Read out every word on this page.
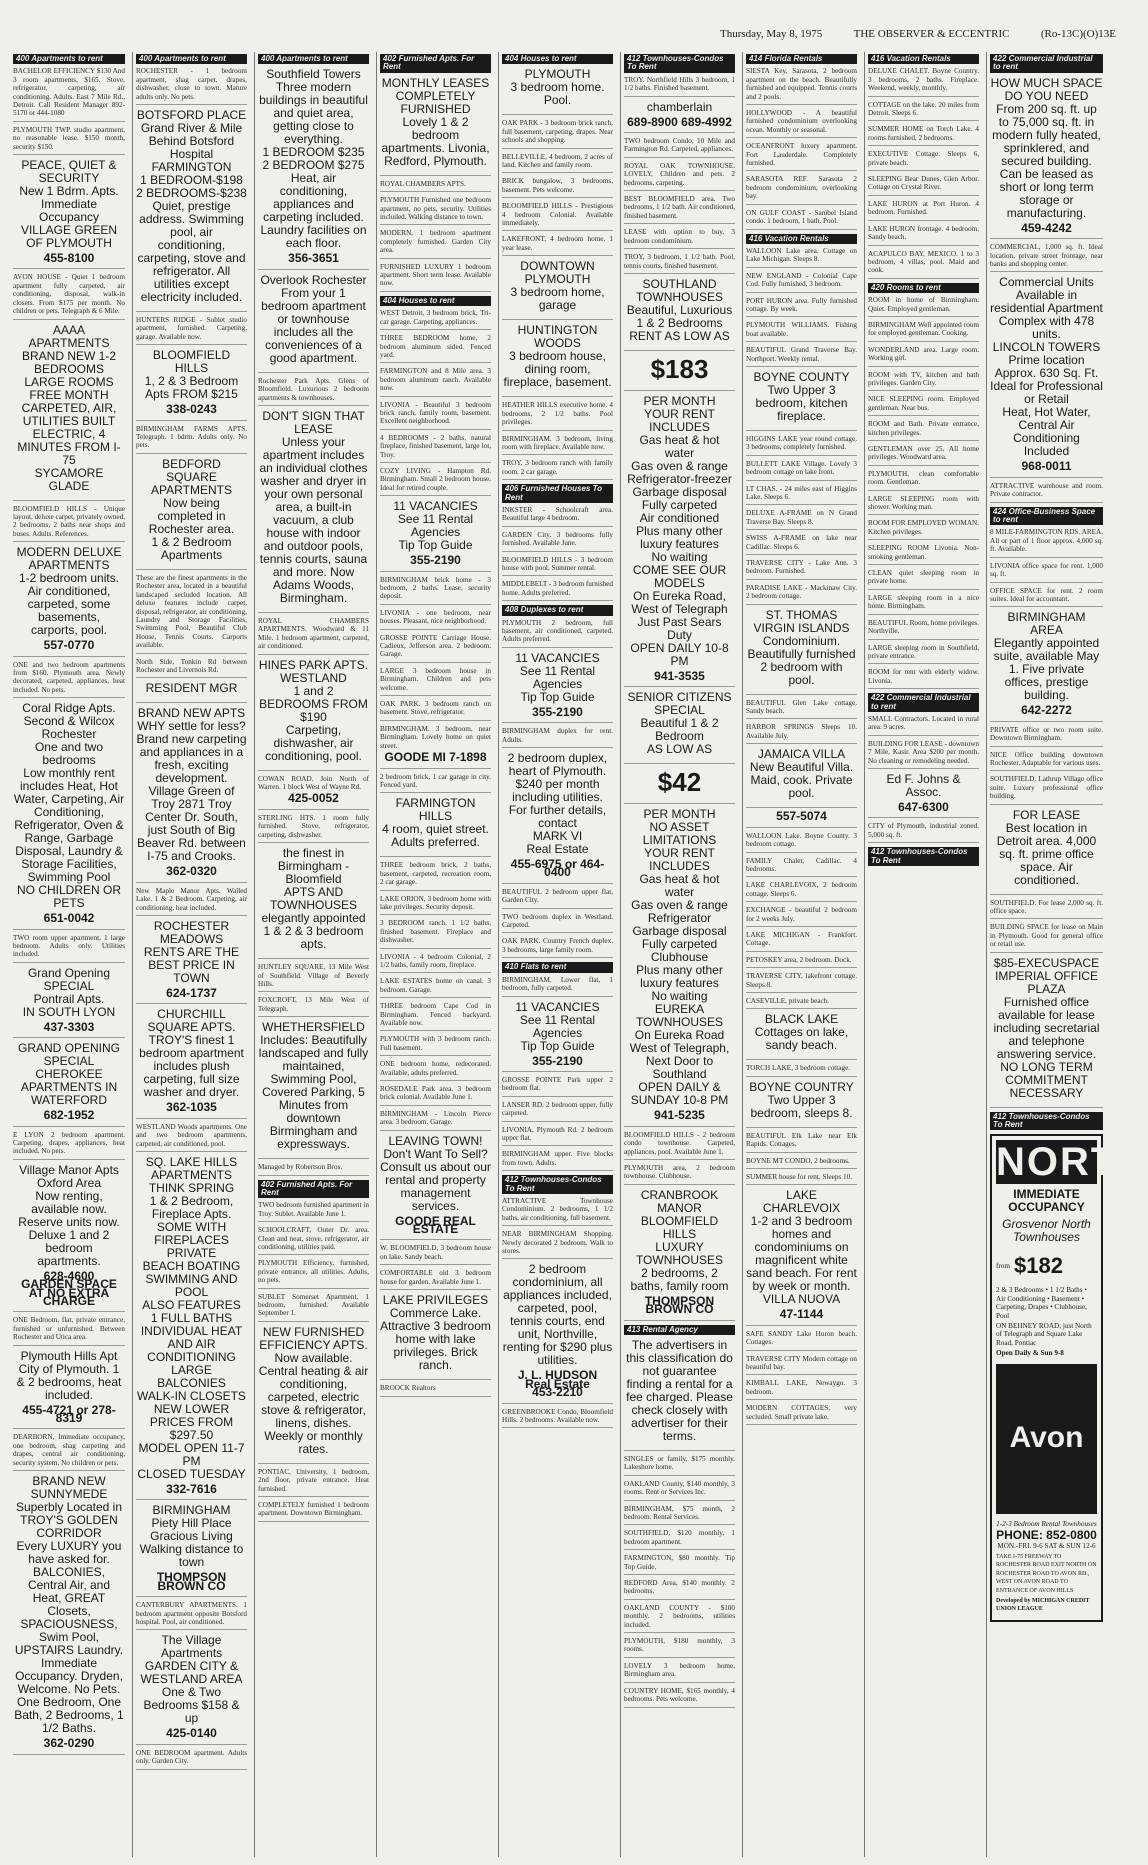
Thursday, May 8, 1975	THE OBSERVER & ECCENTRIC	(Ro-13C)(O)13E
400 Apartments to rent

BACHELOR EFFICIENCY $130 And 3 room apartments, $165. Stove, refrigerator, carpeting, air conditioning. Adults. East 7 Mile Rd., Detroit. Call Resident Manager 892-5170 or 444-1080

PLYMOUTH TWP. studio apartment, no reasonable lease. $150 month, security $150.

PEACE, QUIET & SECURITY
New 1 Bdrm. Apts.
Immediate Occupancy
VILLAGE GREEN OF PLYMOUTH
455-8100

AVON HOUSE - Quiet 1 bedroom apartment fully carpeted, air conditioning, disposal, walk-in closets. From $175 per month. No children or pets. Telegraph & 6 Mile.

AAAA APARTMENTS BRAND NEW 1-2 BEDROOMS LARGE ROOMS
FREE MONTH
CARPETED, AIR, UTILITIES BUILT ELECTRIC, 4 MINUTES FROM I-75
SYCAMORE GLADE

BLOOMFIELD HILLS - Unique layout, deluxe carpet, privately owned, 2 bedrooms, 2 baths near shops and buses. Adults. References.

MODERN DELUXE APARTMENTS
1-2 bedroom units. Air conditioned, carpeted, some basements, carports, pool.
557-0770

ONE and two bedroom apartments from $160. Plymouth area. Newly decorated, carpeted, appliances, heat included. No pets.

Coral Ridge Apts.
Second & Wilcox Rochester
One and two bedrooms
Low monthly rent includes Heat, Hot Water, Carpeting, Air Conditioning, Refrigerator, Oven & Range, Garbage Disposal, Laundry & Storage Facilities, Swimming Pool
NO CHILDREN OR PETS
651-0042

TWO room upper apartment, 1 large bedroom. Adults only. Utilities included.

Grand Opening SPECIAL
Pontrail Apts.
IN SOUTH LYON
437-3303
GRAND OPENING SPECIAL
CHEROKEE APARTMENTS IN WATERFORD
682-1952

E LYON 2 bedroom apartment. Carpeting, drapes, appliances, heat included. No pets.

Village Manor Apts
Oxford Area
Now renting, available now. Reserve units now. Deluxe 1 and 2 bedroom apartments.
628-4600
GARDEN SPACE AT NO EXTRA CHARGE

ONE Bedroom, flat, private entrance, furnished or unfurnished. Between Rochester and Utica area.

Plymouth Hills Apt
City of Plymouth. 1 & 2 bedrooms, heat included.
455-4721 or 278-8319

DEARBORN, Immediate occupancy, one bedroom, shag carpeting and drapes, central air conditioning, security system. No children or pets.

BRAND NEW
SUNNYMEDE
Superbly Located in
TROY'S GOLDEN CORRIDOR
Every LUXURY you have asked for. BALCONIES, Central Air, and Heat, GREAT Closets, SPACIOUSNESS, Swim Pool, UPSTAIRS Laundry.
Immediate Occupancy. Dryden, Welcome. No Pets. One Bedroom, One Bath, 2 Bedrooms, 1 1/2 Baths.
362-0290
400 Apartments to rent

ROCHESTER - 1 bedroom apartment, shag carpet, drapes, dishwasher, close to town. Mature adults only. No pets.

BOTSFORD PLACE
Grand River & Mile
Behind Botsford Hospital
FARMINGTON
1 BEDROOM-$198
2 BEDROOMS-$238
Quiet, prestige address. Swimming pool, air conditioning, carpeting, stove and refrigerator. All utilities except electricity included.

HUNTERS RIDGE - Sublet studio apartment, furnished. Carpeting, garage. Available now.

BLOOMFIELD HILLS
1, 2 & 3 Bedroom Apts FROM $215
338-0243

BIRMINGHAM FARMS APTS. Telegraph. 1 bdrm. Adults only. No pets.

BEDFORD SQUARE
APARTMENTS
Now being completed in Rochester area.
1 & 2 Bedroom Apartments

These are the finest apartments in the Rochester area, located in a beautiful landscaped secluded location. All deluxe features include carpet, disposal, refrigerator, air conditioning, Laundry and Storage Facilities, Swimming Pool, Beautiful Club House, Tennis Courts. Carports available.

North Side, Tonkin Rd between Rochester and Livernois Rd.

RESIDENT MGR
BRAND NEW APTS
WHY settle for less? Brand new carpeting and appliances in a fresh, exciting development. Village Green of Troy 2871 Troy Center Dr. South, just South of Big Beaver Rd. between I-75 and Crooks.
362-0320

New Maple Manor Apts. Walled Lake. 1 & 2 Bedroom. Carpeting, air conditioning, heat included.

ROCHESTER MEADOWS
RENTS ARE THE BEST PRICE IN TOWN
624-1737
CHURCHILL SQUARE APTS.
TROY'S finest 1 bedroom apartment includes plush carpeting, full size washer and dryer.
362-1035

WESTLAND Woods apartments. One and two bedroom apartments, carpeted, air conditioned, pool.

SQ. LAKE HILLS APARTMENTS
THINK SPRING
1 & 2 Bedroom, Fireplace Apts. SOME WITH FIREPLACES PRIVATE
BEACH BOATING SWIMMING AND POOL
ALSO FEATURES
1 FULL BATHS
INDIVIDUAL HEAT AND AIR CONDITIONING
LARGE BALCONIES
WALK-IN CLOSETS
NEW LOWER PRICES FROM $297.50
MODEL OPEN 11-7 PM
CLOSED TUESDAY
332-7616
BIRMINGHAM
Piety Hill Place
Gracious Living
Walking distance to town
THOMPSON BROWN CO

CANTERBURY APARTMENTS. 1 bedroom apartment opposite Botsford hospital. Pool, air conditioned.

The Village Apartments
GARDEN CITY & WESTLAND AREA
One & Two Bedrooms $158 & up
425-0140

ONE BEDROOM apartment. Adults only. Garden City.

400 Apartments to rent
Southfield Towers
Three modern buildings in beautiful and quiet area, getting close to everything.
1 BEDROOM $235
2 BEDROOM $275
Heat, air conditioning, appliances and carpeting included. Laundry facilities on each floor.
356-3651
Overlook Rochester
From your 1 bedroom apartment or townhouse includes all the conveniences of a good apartment.

Rochester Park Apts. Glens of Bloomfield. Luxurious 2 bedroom apartments & townhouses.

DON'T SIGN THAT LEASE
Unless your apartment includes an individual clothes washer and dryer in your own personal area, a built-in vacuum, a club house with indoor and outdoor pools, tennis courts, sauna and more. Now Adams Woods, Birmingham.

ROYAL CHAMBERS APARTMENTS. Woodward & 11 Mile. 1 bedroom apartment, carpeted, air conditioned.

HINES PARK APTS.
WESTLAND
1 and 2 BEDROOMS FROM $190
Carpeting, dishwasher, air conditioning, pool.

COWAN ROAD. Join North of Warren. 1 block West of Wayne Rd.

425-0052

STERLING HTS. 1 room fully furnished. Stove, refrigerator, carpeting, dishwasher.

the finest in
Birmingham - Bloomfield
APTS AND TOWNHOUSES
elegantly appointed
1 & 2 & 3 bedroom apts.

HUNTLEY SQUARE, 13 Mile West of Southfield. Village of Beverly Hills.

FOXCROFT, 13 Mile West of Telegraph.

WHETHERSFIELD
Includes: Beautifully landscaped and fully maintained, Swimming Pool, Covered Parking, 5 Minutes from downtown Birmingham and expressways.

Managed by Robertson Bros.

402 Furnished Apts. For Rent

TWO bedroom furnished apartment in Troy. Sublet. Available June 1.

SCHOOLCRAFT, Outer Dr. area. Clean and neat, stove, refrigerator, air conditioning, utilities paid.

PLYMOUTH Efficiency, furnished, private entrance, all utilities. Adults, no pets.

SUBLET Somerset Apartment, 1 bedroom, furnished. Available September 1.

NEW FURNISHED EFFICIENCY APTS.
Now available. Central heating & air conditioning, carpeted, electric stove & refrigerator, linens, dishes. Weekly or monthly rates.

PONTIAC, University, 1 bedroom, 2nd floor, private entrance. Heat furnished.

COMPLETELY furnished 1 bedroom apartment. Downtown Birmingham.

402 Furnished Apts. For Rent
MONTHLY LEASES
COMPLETELY FURNISHED
Lovely 1 & 2 bedroom apartments. Livonia, Redford, Plymouth.

ROYAL CHAMBERS APTS.

PLYMOUTH Furnished one bedroom apartment, no pets, security. Utilities included. Walking distance to town.

MODERN, 1 bedroom apartment completely furnished. Garden City area.

FURNISHED LUXURY 1 bedroom apartment. Short term lease. Available now.

404 Houses to rent

WEST Detroit, 3 bedroom brick, Tri-car garage. Carpeting, appliances.

THREE BEDROOM home, 2 bedroom aluminum sided. Fenced yard.

FARMINGTON and 8 Mile area. 3 bedroom aluminum ranch. Available now.

LIVONIA - Beautiful 3 bedroom brick ranch, family room, basement. Excellent neighborhood.

4 BEDROOMS - 2 baths, natural fireplace, finished basement, large lot, Troy.

COZY LIVING - Hampton Rd. Birmingham. Small 2 bedroom house. Ideal for retired couple.

11 VACANCIES
See 11 Rental Agencies
Tip Top Guide
355-2190

BIRMINGHAM brick home - 3 bedroom, 2 baths. Lease, security deposit.

LIVONIA - one bedroom, near houses. Pleasant, nice neighborhood.

GROSSE POINTE Carriage House. Cadieux, Jefferson area. 2 bedroom. Garage.

LARGE 3 bedroom house in Birmingham. Children and pets welcome.

OAK PARK. 3 bedroom ranch on basement. Stove, refrigerator.

BIRMINGHAM. 3 bedroom, near Birmingham. Lovely home on quiet street.

GOODE MI 7-1898

2 bedroom brick, 1 car garage in city. Fenced yard.

FARMINGTON HILLS
4 room, quiet street. Adults preferred.

THREE bedroom brick, 2 baths, basement, carpeted, recreation room, 2 car garage.

LAKE ORION, 3 bedroom home with lake privileges. Security deposit.

3 BEDROOM ranch. 1 1/2 baths, finished basement. Fireplace and dishwasher.

LIVONIA - 4 bedroom Colonial, 2 1/2 baths, family room, fireplace.

LAKE ESTATES home on canal. 3 bedroom. Garage.

THREE bedroom Cape Cod in Birmingham. Fenced backyard. Available now.

PLYMOUTH with 3 bedroom ranch. Full basement.

ONE bedroom home, redecorated. Available, adults preferred.

ROSEDALE Park area. 3 bedroom brick colonial. Available June 1.

BIRMINGHAM - Lincoln Pierce area. 3 bedroom. Garage.

LEAVING TOWN!
Don't Want To Sell?
Consult us about our rental and property management services.
GOODE REAL ESTATE

W. BLOOMFIELD, 3 bedroom house on lake. Sandy beach.

COMFORTABLE old 3 bedroom house for garden. Available June 1.

LAKE PRIVILEGES
Commerce Lake. Attractive 3 bedroom home with lake privileges. Brick ranch.

BROOCK Realtors

404 Houses to rent
PLYMOUTH
3 bedroom home. Pool.

OAK PARK - 3 bedroom brick ranch, full basement, carpeting, drapes. Near schools and shopping.

BELLEVILLE, 4 bedroom, 2 acres of land. Kitchen and family room.

BRICK bungalow, 3 bedrooms, basement. Pets welcome.

BLOOMFIELD HILLS - Prestigious 4 bedroom Colonial. Available immediately.

LAKEFRONT, 4 bedroom home. 1 year lease.

DOWNTOWN PLYMOUTH
3 bedroom home, garage
HUNTINGTON WOODS
3 bedroom house, dining room, fireplace, basement.

HEATHER HILLS executive home. 4 bedrooms, 2 1/2 baths. Pool privileges.

BIRMINGHAM. 3 bedroom, living room with fireplace. Available now.

TROY, 3 bedroom ranch with family room. 2 car garage.

406 Furnished Houses To Rent

INKSTER - Schoolcraft area. Beautiful large 4 bedroom.

GARDEN City, 3 bedrooms fully furnished. Available June.

BLOOMFIELD HILLS - 3 bedroom house with pool. Summer rental.

MIDDLEBELT - 3 bedroom furnished home. Adults preferred.

408 Duplexes to rent

PLYMOUTH 2 bedroom, full basement, air conditioned, carpeted. Adults preferred.

11 VACANCIES
See 11 Rental Agencies
Tip Top Guide
355-2190

BIRMINGHAM duplex for rent. Adults.

2 bedroom duplex, heart of Plymouth. $240 per month including utilities.
For further details, contact
MARK VI
Real Estate
455-6975 or 464-0400

BEAUTIFUL 2 bedroom upper flat, Garden City.

TWO bedroom duplex in Westland. Carpeted.

OAK PARK. Country French duplex. 3 bedrooms, large family room.

410 Flats to rent

BIRMINGHAM. Lower flat, 1 bedroom, fully carpeted.

11 VACANCIES
See 11 Rental Agencies
Tip Top Guide
355-2190

GROSSE POINTE Park upper 2 bedroom flat.

LANSER RD. 2 bedroom upper, fully carpeted.

LIVONIA, Plymouth Rd. 2 bedroom upper flat.

BIRMINGHAM upper. Five blocks from town. Adults.

412 Townhouses-Condos To Rent

ATTRACTIVE Townhouse Condominium. 2 bedrooms, 1 1/2 baths, air conditioning, full basement.

NEAR BIRMINGHAM Shopping. Newly decorated 2 bedroom. Walk to stores.

2 bedroom condominium, all appliances included, carpeted, pool, tennis courts, end unit, Northville, renting for $290 plus utilities.
J. L. HUDSON
Real Estate
453-2210

GREENBROOKE Condo, Bloomfield Hills. 2 bedrooms. Available now.

412 Townhouses-Condos To Rent

TROY. Northfield Hills 3 bedroom, 1 1/2 baths. Finished basement.

chamberlain
689-8900 689-4992

TWO bedroom Condo, 10 Mile and Farmington Rd. Carpeted, appliances.

ROYAL OAK TOWNHOUSE. LOVELY, Children and pets. 2 bedrooms, carpeting.

BEST BLOOMFIELD area. Two bedrooms, 1 1/2 bath. Air conditioned, finished basement.

LEASE with option to buy. 3 bedroom condominium.

TROY, 3 bedroom, 1 1/2 bath. Pool, tennis courts, finished basement.

SOUTHLAND TOWNHOUSES
Beautiful, Luxurious 1 & 2 Bedrooms
RENT AS LOW AS
$183
PER MONTH
YOUR RENT INCLUDES
Gas heat & hot water
Gas oven & range
Refrigerator-freezer
Garbage disposal
Fully carpeted
Air conditioned
Plus many other luxury features
No waiting
COME SEE OUR MODELS
On Eureka Road, West of Telegraph
Just Past Sears Duty
OPEN DAILY 10-8 PM
941-3535
SENIOR CITIZENS SPECIAL
Beautiful 1 & 2 Bedroom
AS LOW AS
$42
PER MONTH
NO ASSET LIMITATIONS
YOUR RENT INCLUDES
Gas heat & hot water
Gas oven & range
Refrigerator
Garbage disposal
Fully carpeted
Clubhouse
Plus many other luxury features
No waiting
EUREKA TOWNHOUSES
On Eureka Road West of Telegraph, Next Door to Southland
OPEN DAILY & SUNDAY 10-8 PM
941-5235

BLOOMFIELD HILLS - 2 bedroom condo townhouse. Carpeted, appliances, pool. Available June 1.

PLYMOUTH area, 2 bedroom townhouse. Clubhouse.

CRANBROOK MANOR
BLOOMFIELD HILLS
LUXURY TOWNHOUSES
2 bedrooms, 2 baths, family room
THOMPSON BROWN CO
413 Rental Agency
The advertisers in this classification do not guarantee finding a rental for a fee charged. Please check closely with advertiser for their terms.

SINGLES or family, $175 monthly. Lakeshore home.

OAKLAND County, $140 monthly, 3 rooms. Rent or Services Inc.

BIRMINGHAM, $75 month, 2 bedroom. Rental Services.

SOUTHFIELD, $120 monthly, 1 bedroom apartment.

FARMINGTON, $80 monthly. Tip Top Guide.

REDFORD Area, $140 monthly. 2 bedrooms.

OAKLAND COUNTY - $100 monthly. 2 bedrooms, utilities included.

PLYMOUTH, $180 monthly, 3 rooms.

LOVELY 3 bedroom home, Birmingham area.

COUNTRY HOME, $165 monthly, 4 bedrooms. Pets welcome.

414 Florida Rentals

SIESTA Key, Sarasota, 2 bedroom apartment on the beach. Beautifully furnished and equipped. Tennis courts and 2 pools.

HOLLYWOOD - A beautiful furnished condominium overlooking ocean. Monthly or seasonal.

OCEANFRONT luxury apartment. Fort Lauderdale. Completely furnished.

SARASOTA REF. Sarasota 2 bedroom condominium, overlooking bay.

ON GULF COAST - Sanibel Island condo. 1 bedroom, 1 bath. Pool.

416 Vacation Rentals

WALLOON Lake area. Cottage on Lake Michigan. Sleeps 8.

NEW ENGLAND - Colonial Cape Cod. Fully furnished, 3 bedroom.

PORT HURON area. Fully furnished cottage. By week.

PLYMOUTH WILLIAMS. Fishing boat available.

BEAUTIFUL Grand Traverse Bay. Northport. Weekly rental.

BOYNE COUNTY
Two Upper 3 bedroom, kitchen fireplace.

HIGGINS LAKE year round cottage. 3 bedrooms, completely furnished.

BULLETT LAKE Village. Lovely 3 bedroom cottage on lake front.

LT CHAS. - 24 miles east of Higgins Lake. Sleeps 6.

DELUXE A-FRAME on N Grand Traverse Bay. Sleeps 8.

SWISS A-FRAME on lake near Cadillac. Sleeps 6.

TRAVERSE CITY - Lake Ann. 3 bedroom. Furnished.

PARADISE LAKE - Mackinaw City. 2 bedroom cottage.

ST. THOMAS VIRGIN ISLANDS
Condominium. Beautifully furnished 2 bedroom with pool.

BEAUTIFUL Glen Lake cottage. Sandy beach.

HARBOR SPRINGS Sleeps 10. Available July.

JAMAICA VILLA
New Beautiful Villa. Maid, cook. Private pool.
557-5074

WALLOON Lake. Boyne County. 3 bedroom cottage.

FAMILY Chalet, Cadillac. 4 bedrooms.

LAKE CHARLEVOIX, 2 bedroom cottage. Sleeps 6.

EXCHANGE - beautiful 2 bedroom for 2 weeks July.

LAKE MICHIGAN - Frankfort. Cottage.

PETOSKEY area, 2 bedroom. Dock.

TRAVERSE CITY, lakefront cottage. Sleeps 8.

CASEVILLE, private beach.

BLACK LAKE
Cottages on lake, sandy beach.

TORCH LAKE, 3 bedroom cottage.

BOYNE COUNTRY
Two Upper 3 bedroom, sleeps 8.

BEAUTIFUL Elk Lake near Elk Rapids. Cottages.

BOYNE MT CONDO, 2 bedrooms.

SUMMER house for rent. Sleeps 10.

LAKE CHARLEVOIX
1-2 and 3 bedroom homes and condominiums on magnificent white sand beach. For rent by week or month.
VILLA NUOVA
47-1144

SAFE SANDY Lake Huron beach. Cottages.

TRAVERSE CITY Modern cottage on beautiful bay.

KIMBALL LAKE, Newaygo. 3 bedroom.

MODERN COTTAGES, very secluded. Small private lake.

416 Vacation Rentals

DELUXE CHALET. Boyne Country. 3 bedrooms, 2 baths. Fireplace. Weekend, weekly, monthly.

COTTAGE on the lake. 20 miles from Detroit. Sleeps 6.

SUMMER HOME on Torch Lake. 4 rooms furnished, 2 bedrooms.

EXECUTIVE Cottage. Sleeps 6, private beach.

SLEEPING Bear Dunes, Glen Arbor. Cottage on Crystal River.

LAKE HURON at Port Huron. 4 bedroom. Furnished.

LAKE HURON frontage. 4 bedroom. Sandy beach.

ACAPULCO BAY, MEXICO. 1 to 3 bedroom, 4 villas, pool. Maid and cook.

420 Rooms to rent

ROOM in home of Birmingham. Quiet. Employed gentleman.

BIRMINGHAM Well appointed room for employed gentleman. Cooking.

WONDERLAND area. Large room. Working girl.

ROOM with TV, kitchen and bath privileges. Garden City.

NICE SLEEPING room. Employed gentleman. Near bus.

ROOM and Bath. Private entrance, kitchen privileges.

GENTLEMAN over 25. All home privileges. Woodward area.

PLYMOUTH, clean comfortable room. Gentleman.

LARGE SLEEPING room with shower. Working man.

ROOM FOR EMPLOYED WOMAN. Kitchen privileges.

SLEEPING ROOM Livonia. Non-smoking gentleman.

CLEAN quiet sleeping room in private home.

LARGE sleeping room in a nice home. Birmingham.

BEAUTIFUL Room, home privileges. Northville.

LARGE sleeping room in Southfield, private entrance.

ROOM for rent with elderly widow. Livonia.

422 Commercial Industrial to rent

SMALL Contractors. Located in rural area. 9 acres.

BUILDING FOR LEASE - downtown 7 Mile, Kasir. Area $200 per month. No cleaning or remodeling needed.

Ed F. Johns & Assoc.
647-6300

CITY of Plymouth, industrial zoned. 5,000 sq. ft.

412 Townhouses-Condos To Rent
422 Commercial Industrial to rent
HOW MUCH SPACE DO YOU NEED
From 200 sq. ft. up to 75,000 sq. ft. in modern fully heated, sprinklered, and secured building. Can be leased as short or long term storage or manufacturing.
459-4242

COMMERCIAL, 1,000 sq. ft. Ideal location, private street frontage, near banks and shopping center.

Commercial Units
Available in residential Apartment Complex with 478 units.
LINCOLN TOWERS
Prime location
Approx. 630 Sq. Ft.
Ideal for Professional or Retail
Heat, Hot Water, Central Air Conditioning Included
968-0011

ATTRACTIVE warehouse and room. Private contractor.

424 Office-Business Space to rent

8 MILE-FARMINGTON RDS. AREA. All or part of 1 floor approx. 4,000 sq. ft. Available.

LIVONIA office space for rent. 1,000 sq. ft.

OFFICE SPACE for rent. 2 room suites. Ideal for accountant.

BIRMINGHAM AREA
Elegantly appointed suite, available May 1. Five private offices, prestige building.
642-2272

PRIVATE office or two room suite. Downtown Birmingham.

NICE Office building downtown Rochester. Adaptable for various uses.

SOUTHFIELD. Lathrup Village office suite. Luxury professional office building.

FOR LEASE
Best location in Detroit area. 4,000 sq. ft. prime office space. Air conditioned.

SOUTHFIELD. For lease 2,000 sq. ft. office space.

BUILDING SPACE for lease on Main in Plymouth. Good for general office or retail use.

$85-EXECUSPACE
IMPERIAL OFFICE PLAZA
Furnished office available for lease including secretarial and telephone answering service.
NO LONG TERM COMMITMENT NECESSARY
412 Townhouses-Condos To Rent
NORTH
IMMEDIATE OCCUPANCY
Grosvenor North Townhouses
from $182

2 & 3 Bedrooms • 1 1/2 Baths • Air Conditioning • Basement • Carpeting, Drapes • Clubhouse, Pool

ON BEHNEY ROAD, just North of Telegraph and Square Lake Road, Pontiac

Open Daily & Sun 9-8

Avon

1-2-3 Bedroom Rental Townhouses

PHONE: 852-0800

MON.-FRI. 9-6 SAT & SUN 12-6

TAKE I-75 FREEWAY TO ROCHESTER ROAD EXIT NORTH ON ROCHESTER ROAD TO AVON RD., WEST ON AVON ROAD TO ENTRANCE OF AVON HILLS

Developed by MICHIGAN CREDIT UNION LEAGUE
